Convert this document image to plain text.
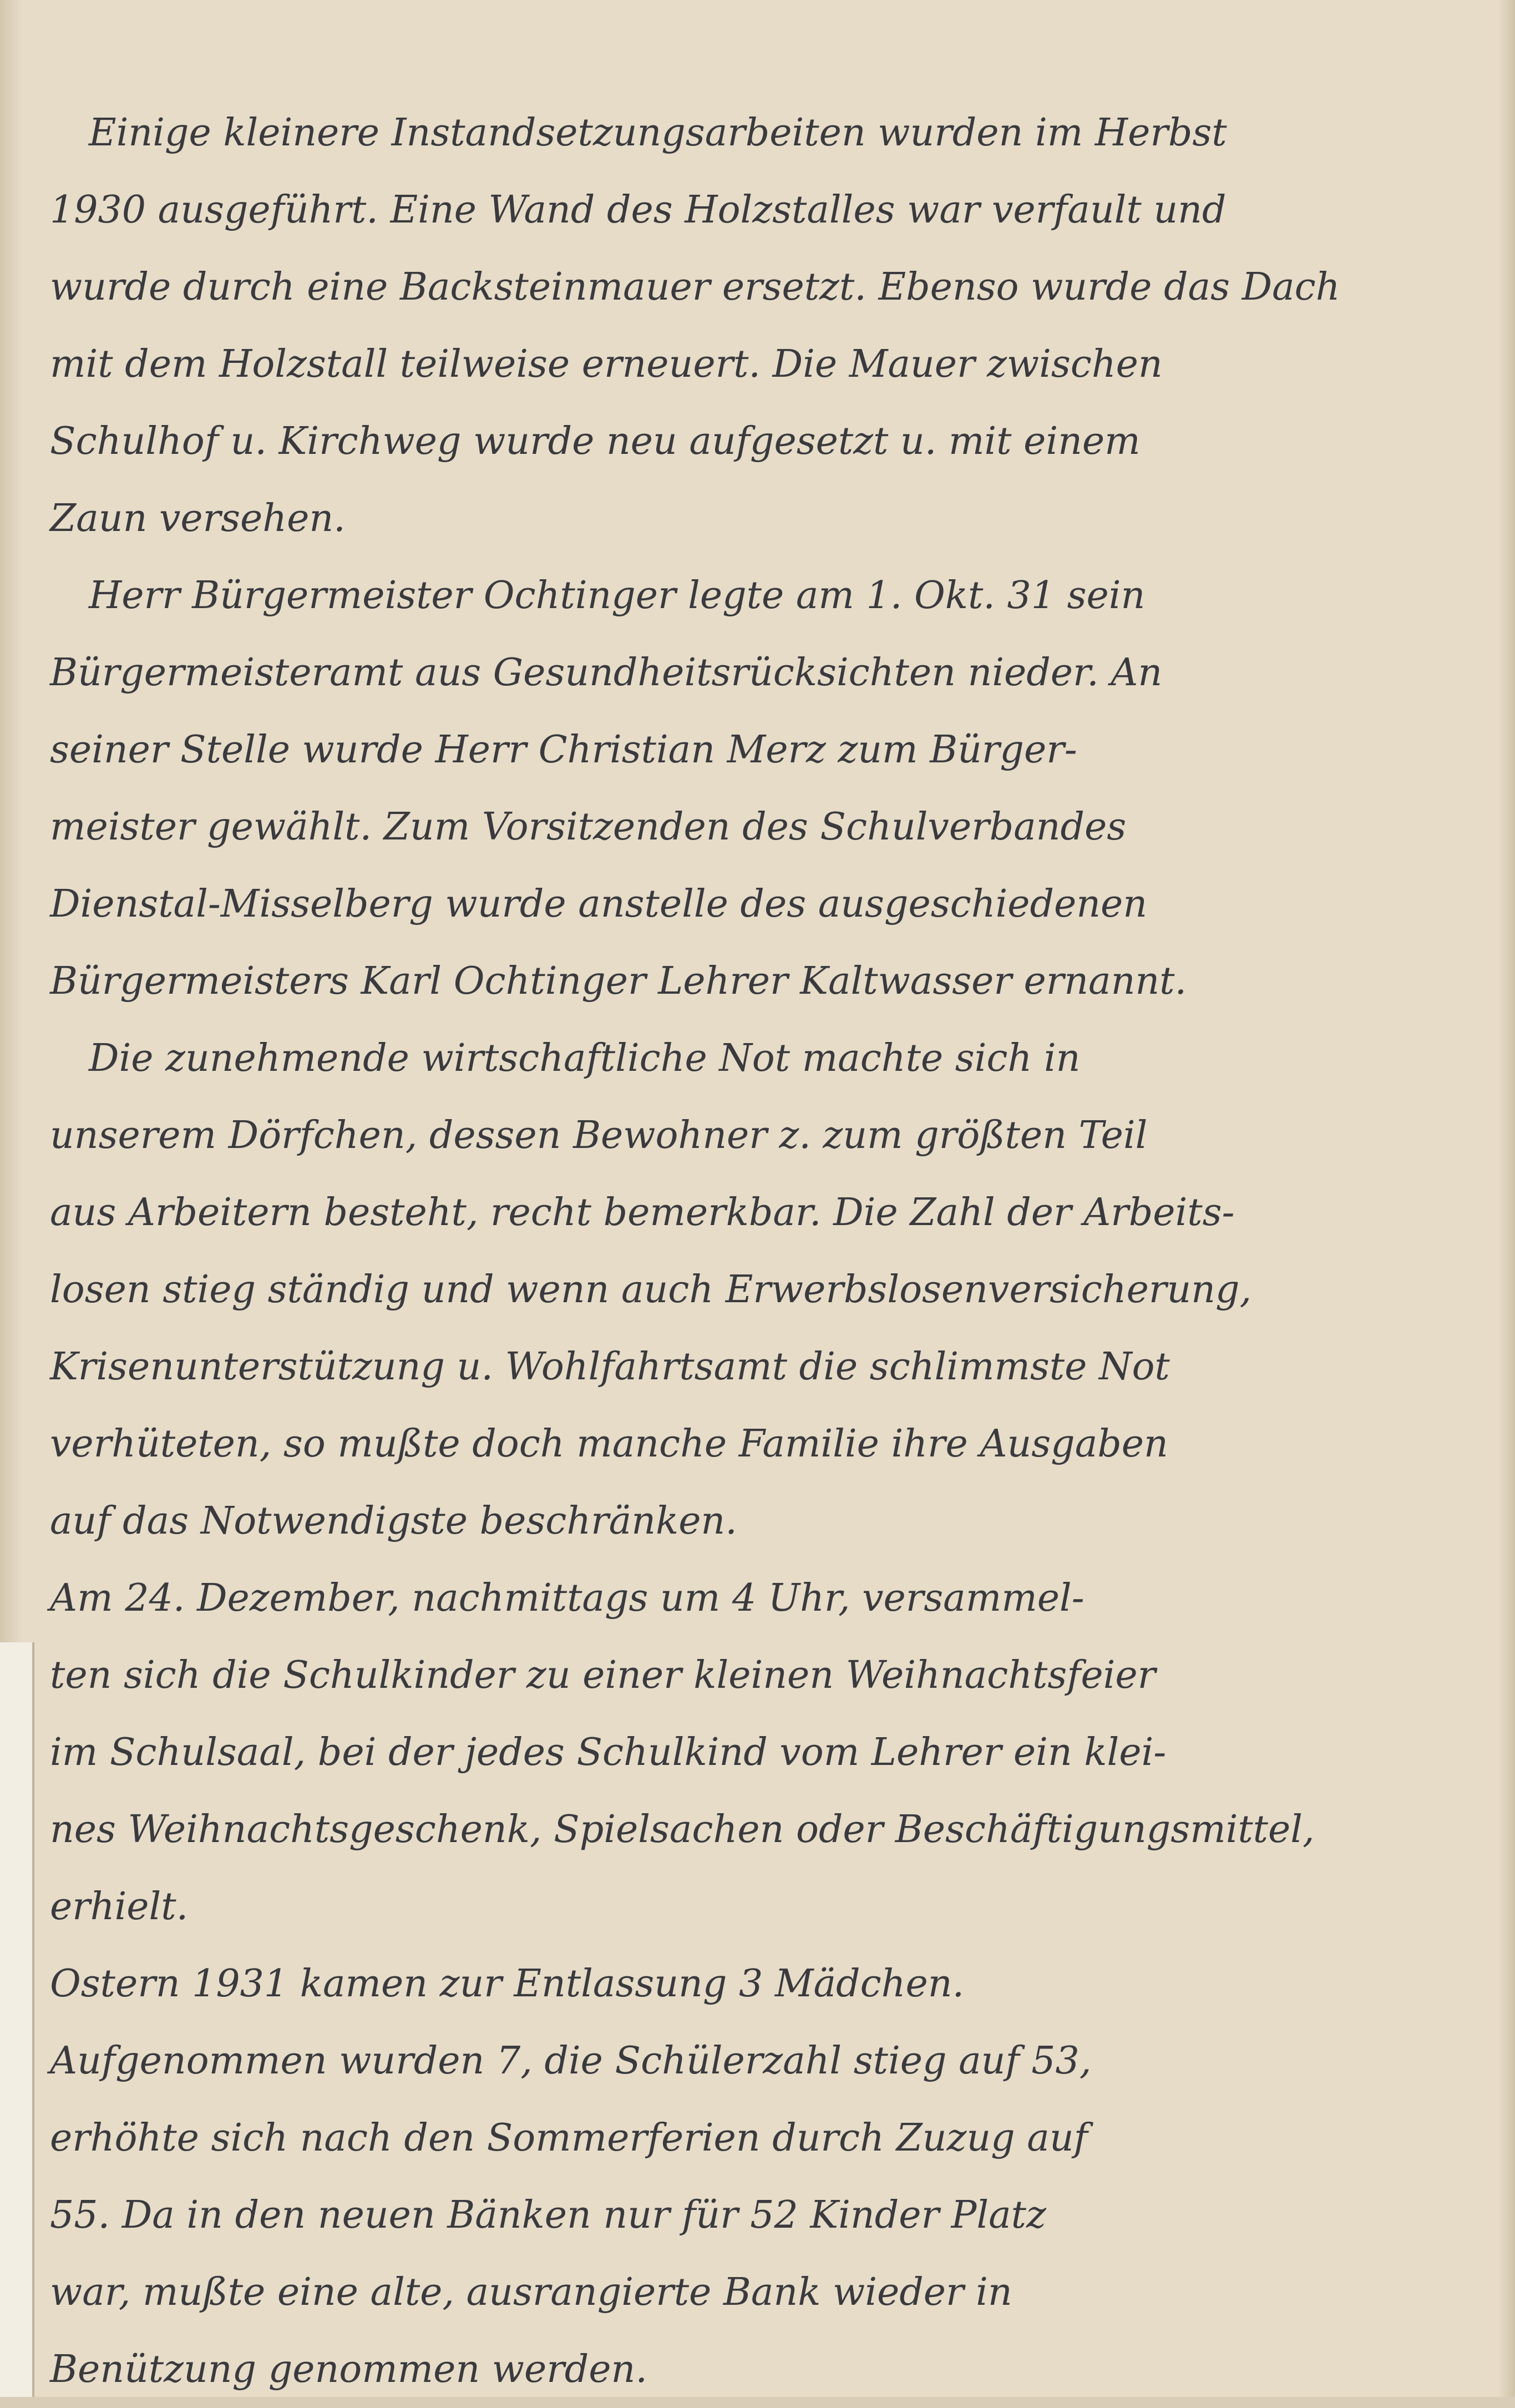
Einige kleinere Instandsetzungsarbeiten wurden im Herbst
1930 ausgeführt. Eine Wand des Holzstalles war verfault und
wurde durch eine Backsteinmauer ersetzt. Ebenso wurde das Dach
mit dem Holzstall teilweise erneuert. Die Mauer zwischen
Schulhof u. Kirchweg wurde neu aufgesetzt u. mit einem
Zaun versehen.
Herr Bürgermeister Ochtinger legte am 1. Okt. 31 sein
Bürgermeisteramt aus Gesundheitsrücksichten nieder. An
seiner Stelle wurde Herr Christian Merz zum Bürger-
meister gewählt. Zum Vorsitzenden des Schulverbandes
Dienstal-Misselberg wurde anstelle des ausgeschiedenen
Bürgermeisters Karl Ochtinger Lehrer Kaltwasser ernannt.
Die zunehmende wirtschaftliche Not machte sich in
unserem Dörfchen, dessen Bewohner z. zum größten Teil
aus Arbeitern besteht, recht bemerkbar. Die Zahl der Arbeits-
losen stieg ständig und wenn auch Erwerbslosenversicherung,
Krisenunterstützung u. Wohlfahrtsamt die schlimmste Not
verhüteten, so mußte doch manche Familie ihre Ausgaben
auf das Notwendigste beschränken.
Am 24. Dezember, nachmittags um 4 Uhr, versammel-
ten sich die Schulkinder zu einer kleinen Weihnachtsfeier
im Schulsaal, bei der jedes Schulkind vom Lehrer ein klei-
nes Weihnachtsgeschenk, Spielsachen oder Beschäftigungsmittel,
erhielt.
Ostern 1931 kamen zur Entlassung 3 Mädchen.
Aufgenommen wurden 7, die Schülerzahl stieg auf 53,
erhöhte sich nach den Sommerferien durch Zuzug auf
55. Da in den neuen Bänken nur für 52 Kinder Platz
war, mußte eine alte, ausrangierte Bank wieder in
Benützung genommen werden.
